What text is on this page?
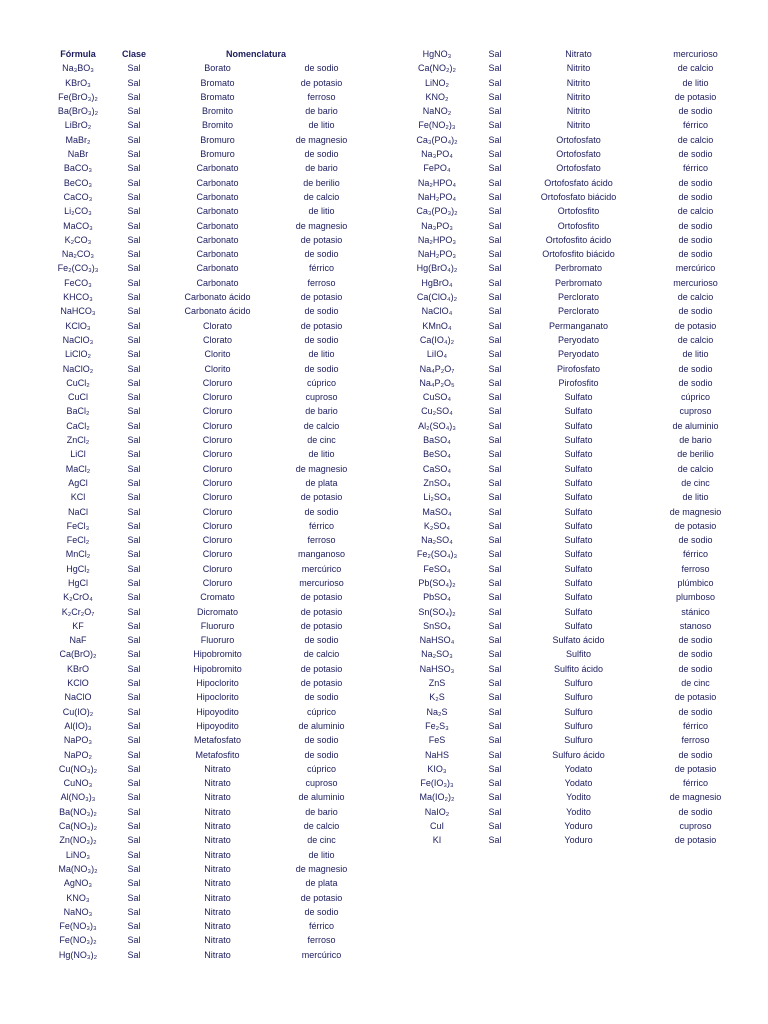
Fórmula	Clase	Nomenclatura	
Na₃BO₃	Sal	Borato	de sodio
KBrO₃	Sal	Bromato	de potasio
Fe(BrO₃)₂	Sal	Bromato	ferroso
Ba(BrO₃)₂	Sal	Bromito	de bario
LiBrO₂	Sal	Bromito	de litio
MaBr₂	Sal	Bromuro	de magnesio
NaBr	Sal	Bromuro	de sodio
BaCO₃	Sal	Carbonato	de bario
BeCO₃	Sal	Carbonato	de berilio
CaCO₃	Sal	Carbonato	de calcio
Li₂CO₃	Sal	Carbonato	de litio
MaCO₃	Sal	Carbonato	de magnesio
K₂CO₃	Sal	Carbonato	de potasio
Na₂CO₃	Sal	Carbonato	de sodio
Fe₂(CO₃)₃	Sal	Carbonato	férrico
FeCO₃	Sal	Carbonato	ferroso
KHCO₃	Sal	Carbonato ácido	de potasio
NaHCO₃	Sal	Carbonato ácido	de sodio
KClO₃	Sal	Clorato	de potasio
NaClO₃	Sal	Clorato	de sodio
LiClO₂	Sal	Clorito	de litio
NaClO₂	Sal	Clorito	de sodio
CuCl₂	Sal	Cloruro	cúprico
CuCl	Sal	Cloruro	cuproso
BaCl₂	Sal	Cloruro	de bario
CaCl₂	Sal	Cloruro	de calcio
ZnCl₂	Sal	Cloruro	de cinc
LiCl	Sal	Cloruro	de litio
MaCl₂	Sal	Cloruro	de magnesio
AgCl	Sal	Cloruro	de plata
KCl	Sal	Cloruro	de potasio
NaCl	Sal	Cloruro	de sodio
FeCl₃	Sal	Cloruro	férrico
FeCl₂	Sal	Cloruro	ferroso
MnCl₂	Sal	Cloruro	manganoso
HgCl₂	Sal	Cloruro	mercúrico
HgCl	Sal	Cloruro	mercurioso
K₂CrO₄	Sal	Cromato	de potasio
K₂Cr₂O₇	Sal	Dicromato	de potasio
KF	Sal	Fluoruro	de potasio
NaF	Sal	Fluoruro	de sodio
Ca(BrO)₂	Sal	Hipobromito	de calcio
KBrO	Sal	Hipobromito	de potasio
KClO	Sal	Hipoclorito	de potasio
NaClO	Sal	Hipoclorito	de sodio
Cu(IO)₂	Sal	Hipoyodito	cúprico
Al(IO)₃	Sal	Hipoyodito	de aluminio
NaPO₃	Sal	Metafosfato	de sodio
NaPO₂	Sal	Metafosfito	de sodio
Cu(NO₃)₂	Sal	Nitrato	cúprico
CuNO₃	Sal	Nitrato	cuproso
Al(NO₃)₃	Sal	Nitrato	de aluminio
Ba(NO₃)₂	Sal	Nitrato	de bario
Ca(NO₃)₂	Sal	Nitrato	de calcio
Zn(NO₃)₂	Sal	Nitrato	de cinc
LiNO₃	Sal	Nitrato	de litio
Ma(NO₃)₂	Sal	Nitrato	de magnesio
AgNO₃	Sal	Nitrato	de plata
KNO₃	Sal	Nitrato	de potasio
NaNO₃	Sal	Nitrato	de sodio
Fe(NO₃)₃	Sal	Nitrato	férrico
Fe(NO₃)₂	Sal	Nitrato	ferroso
Hg(NO₃)₂	Sal	Nitrato	mercúrico
HgNO₃	Sal	Nitrato	mercurioso
Ca(NO₂)₂	Sal	Nitrito	de calcio
LiNO₂	Sal	Nitrito	de litio
KNO₂	Sal	Nitrito	de potasio
NaNO₂	Sal	Nitrito	de sodio
Fe(NO₂)₃	Sal	Nitrito	férrico
Ca₃(PO₄)₂	Sal	Ortofosfato	de calcio
Na₃PO₄	Sal	Ortofosfato	de sodio
FePO₄	Sal	Ortofosfato	férrico
Na₂HPO₄	Sal	Ortofosfato ácido	de sodio
NaH₂PO₄	Sal	Ortofosfato biácido	de sodio
Ca₃(PO₃)₂	Sal	Ortofosfito	de calcio
Na₃PO₃	Sal	Ortofosfito	de sodio
Na₂HPO₃	Sal	Ortofosfito ácido	de sodio
NaH₂PO₃	Sal	Ortofosfito biácido	de sodio
Hg(BrO₄)₂	Sal	Perbromato	mercúrico
HgBrO₄	Sal	Perbromato	mercurioso
Ca(ClO₄)₂	Sal	Perclorato	de calcio
NaClO₄	Sal	Perclorato	de sodio
KMnO₄	Sal	Permanganato	de potasio
Ca(IO₄)₂	Sal	Peryodato	de calcio
LiIO₄	Sal	Peryodato	de litio
Na₄P₂O₇	Sal	Pirofosfato	de sodio
Na₄P₂O₅	Sal	Pirofosfito	de sodio
CuSO₄	Sal	Sulfato	cúprico
Cu₂SO₄	Sal	Sulfato	cuproso
Al₂(SO₄)₃	Sal	Sulfato	de aluminio
BaSO₄	Sal	Sulfato	de bario
BeSO₄	Sal	Sulfato	de berilio
CaSO₄	Sal	Sulfato	de calcio
ZnSO₄	Sal	Sulfato	de cinc
Li₂SO₄	Sal	Sulfato	de litio
MaSO₄	Sal	Sulfato	de magnesio
K₂SO₄	Sal	Sulfato	de potasio
Na₂SO₄	Sal	Sulfato	de sodio
Fe₂(SO₄)₃	Sal	Sulfato	férrico
FeSO₄	Sal	Sulfato	ferroso
Pb(SO₄)₂	Sal	Sulfato	plúmbico
PbSO₄	Sal	Sulfato	plumboso
Sn(SO₄)₂	Sal	Sulfato	stánico
SnSO₄	Sal	Sulfato	stanoso
NaHSO₄	Sal	Sulfato ácido	de sodio
Na₂SO₃	Sal	Sulfito	de sodio
NaHSO₃	Sal	Sulfito ácido	de sodio
ZnS	Sal	Sulfuro	de cinc
K₂S	Sal	Sulfuro	de potasio
Na₂S	Sal	Sulfuro	de sodio
Fe₂S₃	Sal	Sulfuro	férrico
FeS	Sal	Sulfuro	ferroso
NaHS	Sal	Sulfuro ácido	de sodio
KIO₃	Sal	Yodato	de potasio
Fe(IO₃)₃	Sal	Yodato	férrico
Ma(IO₂)₂	Sal	Yodito	de magnesio
NaIO₂	Sal	Yodito	de sodio
CuI	Sal	Yoduro	cuproso
KI	Sal	Yoduro	de potasio
